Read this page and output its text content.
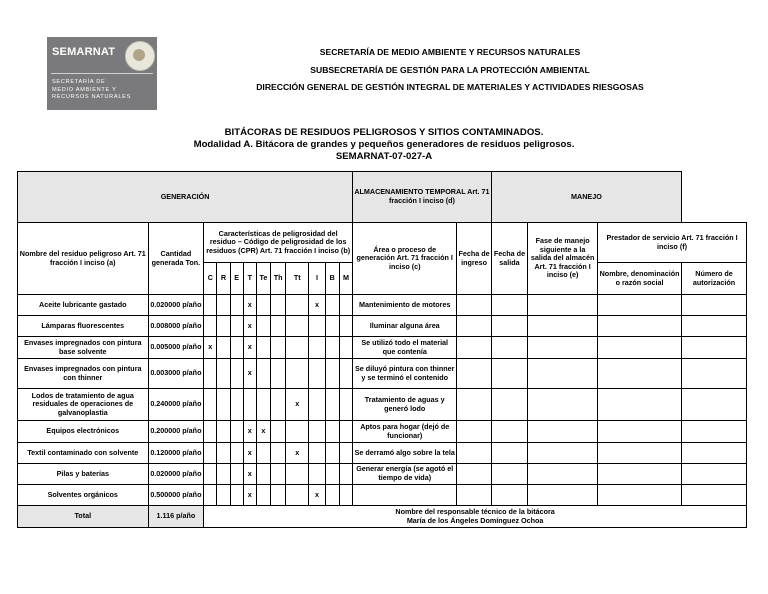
SEMARNAT
SECRETARÍA DE
MEDIO AMBIENTE Y
RECURSOS NATURALES
SECRETARÍA DE MEDIO AMBIENTE Y RECURSOS NATURALES
SUBSECRETARÍA DE GESTIÓN PARA LA PROTECCIÓN AMBIENTAL
DIRECCIÓN GENERAL DE GESTIÓN INTEGRAL DE MATERIALES Y ACTIVIDADES RIESGOSAS
BITÁCORAS DE RESIDUOS PELIGROSOS Y SITIOS CONTAMINADOS.
Modalidad A. Bitácora de grandes y pequeños generadores de residuos peligrosos.
SEMARNAT-07-027-A
GENERACIÓN												ALMACENAMIENTO TEMPORAL Art. 71 fracción I inciso (d)		MANEJO			
Nombre del residuo peligroso Art. 71 fracción I inciso (a)	Cantidad generada Ton.	Características de peligrosidad del residuo – Código de peligrosidad de los residuos (CPR) Art. 71 fracción I inciso (b)										Área o proceso de generación Art. 71 fracción I inciso (c)	Fecha de ingreso	Fecha de salida	Fase de manejo siguiente a la salida del almacén Art. 71 fracción I inciso (e)	Prestador de servicio Art. 71 fracción I inciso (f)	

		C	R	E	T	Te	Th	Tt	I	B	M					Nombre, denominación o razón social	Número de autorización
Aceite lubricante gastado	0.020000 p/año				x				x			Mantenimiento de motores					
Lámparas fluorescentes	0.008000 p/año				x							Iluminar alguna área					
Envases impregnados con pintura base solvente	0.005000 p/año	x			x							Se utilizó todo el material que contenía					
Envases impregnados con pintura con thinner	0.003000 p/año				x							Se diluyó pintura con thinner y se terminó el contenido					
Lodos de tratamiento de agua residuales de operaciones de galvanoplastia	0.240000 p/año							x				Tratamiento de aguas y generó lodo					
Equipos electrónicos	0.200000 p/año				x	x						Aptos para hogar (dejó de funcionar)					
Textil contaminado con solvente	0.120000 p/año				x			x				Se derramó algo sobre la tela					
Pilas y baterías	0.020000 p/año				x							Generar energía (se agotó el tiempo de vida)					
Solventes orgánicos	0.500000 p/año				x				x								
Total	1.116 p/año	Nombre del responsable técnico de la bitácora
María de los Ángeles Domínguez Ochoa															
